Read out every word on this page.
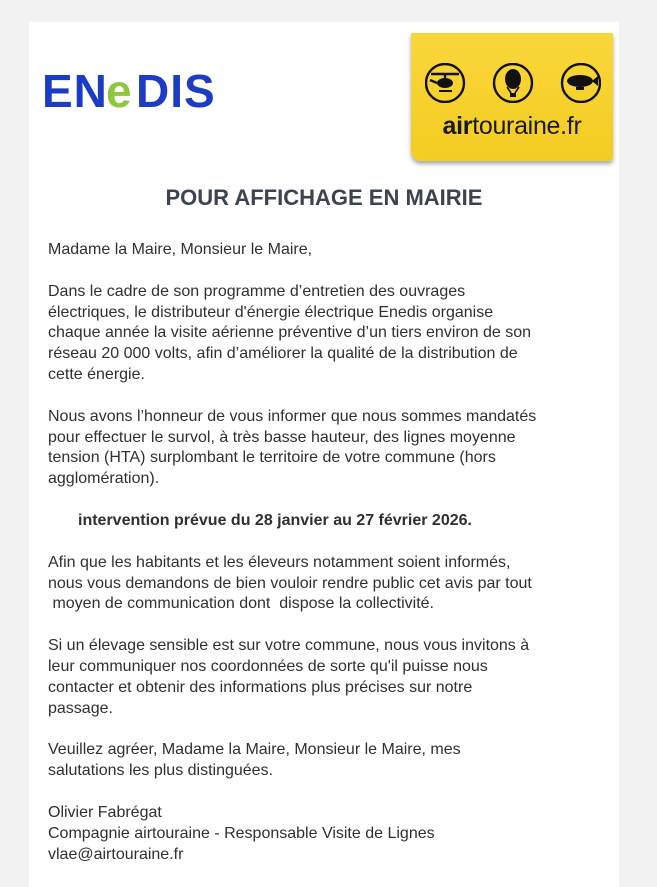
EN
e DIS
airtouraine.fr
POUR AFFICHAGE EN MAIRIE

Madame la Maire, Monsieur le Maire,

Dans le cadre de son programme d’entretien des ouvrages

électriques, le distributeur d'énergie électrique Enedis organise

chaque année la visite aérienne préventive d’un tiers environ de son

réseau 20 000 volts, afin d’améliorer la qualité de la distribution de

cette énergie.

Nous avons l’honneur de vous informer que nous sommes mandatés

pour effectuer le survol, à très basse hauteur, des lignes moyenne

tension (HTA) surplombant le territoire de votre commune (hors

agglomération).

intervention prévue du 28 janvier au 27 février 2026.

Afin que les habitants et les éleveurs notamment soient informés,

nous vous demandons de bien vouloir rendre public cet avis par tout

moyen de communication dont  dispose la collectivité.

Si un élevage sensible est sur votre commune, nous vous invitons à

leur communiquer nos coordonnées de sorte qu'il puisse nous

contacter et obtenir des informations plus précises sur notre

passage.

Veuillez agréer, Madame la Maire, Monsieur le Maire, mes

salutations les plus distinguées.

Olivier Fabrégat

Compagnie airtouraine - Responsable Visite de Lignes

vlae@airtouraine.fr
